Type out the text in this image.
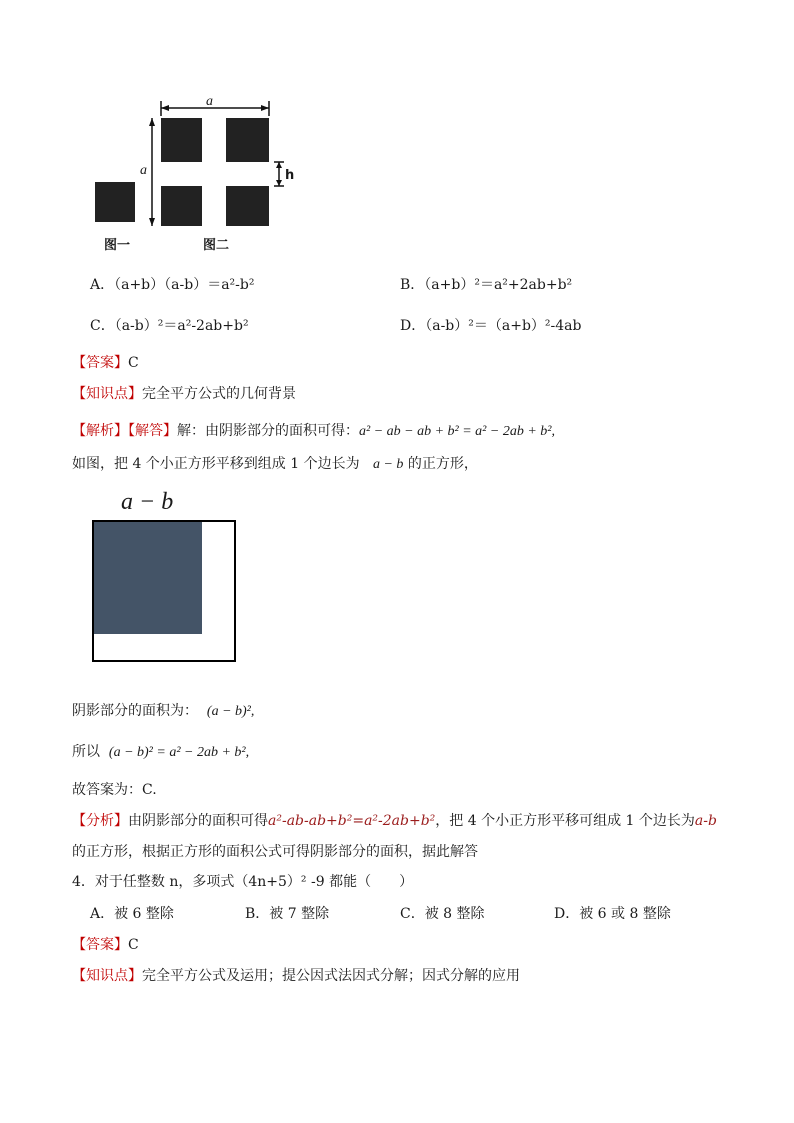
a
a	h
图一	图二
A．（a+b）（a-b）＝a²-b²	B．（a+b）²＝a²+2ab+b²
C．（a-b）²＝a²-2ab+b²	D．（a-b）²＝（a+b）²-4ab
【答案】C
【知识点】完全平方公式的几何背景
【解析】【解答】解：由阴影部分的面积可得：a² − ab − ab + b² = a² − 2ab + b²,
如图，把 4 个小正方形平移到组成 1 个边长为 a − b 的正方形，
a − b
阴影部分的面积为： (a − b)²,
所以 (a − b)² = a² − 2ab + b²,
故答案为：C.
【分析】由阴影部分的面积可得a²-ab-ab+b²=a²-2ab+b²，把 4 个小正方形平移可组成 1 个边长为a-b
的正方形，根据正方形的面积公式可得阴影部分的面积，据此解答
4．对于任整数 n，多项式（4n+5）² -9 都能（　　）
A．被 6 整除	B．被 7 整除	C．被 8 整除	D．被 6 或 8 整除
【答案】C
【知识点】完全平方公式及运用；提公因式法因式分解；因式分解的应用
